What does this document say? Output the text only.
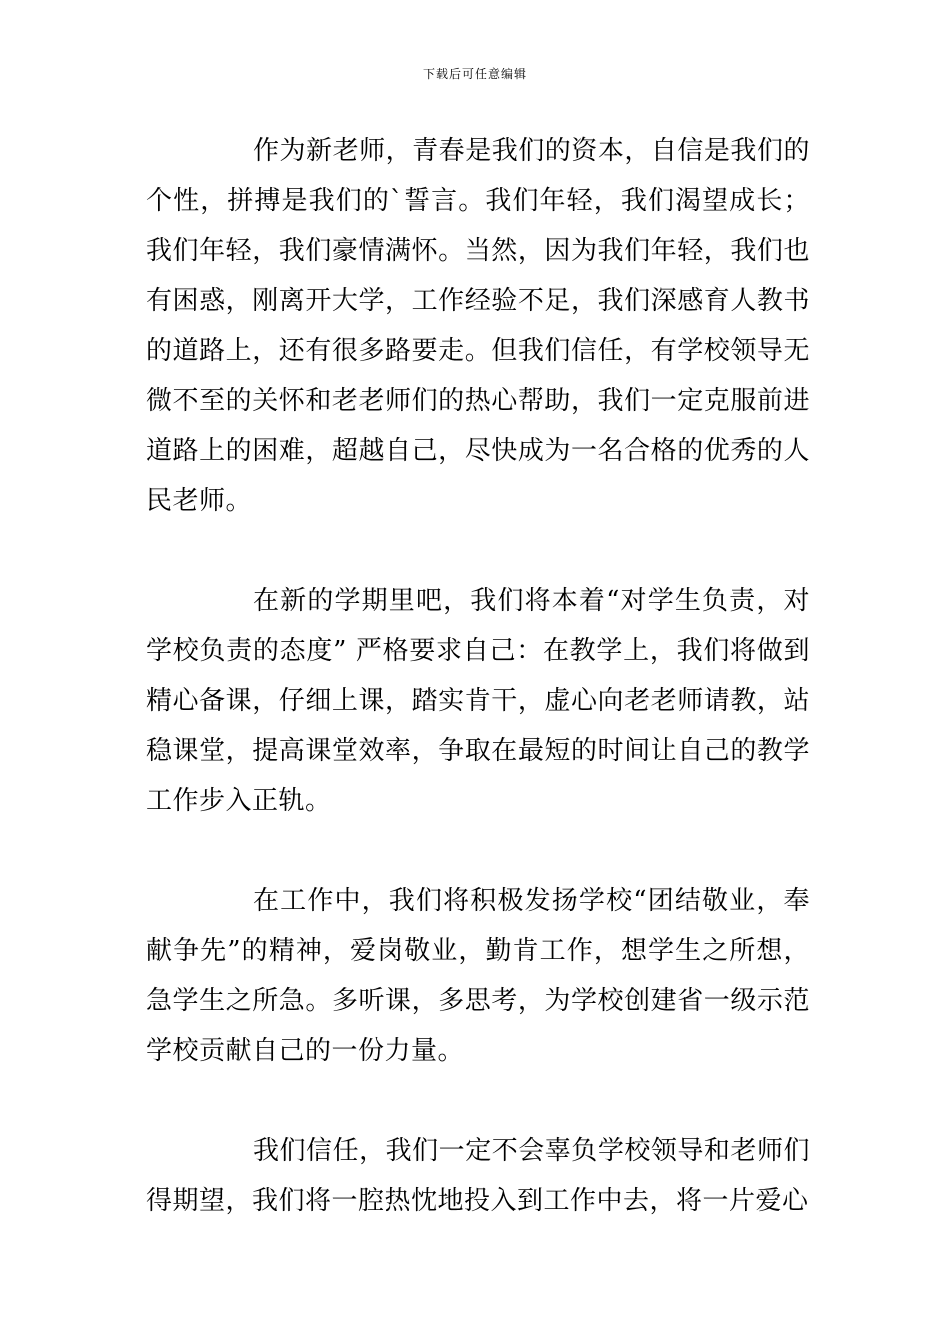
下载后可任意编辑

作为新老师，青春是我们的资本，自信是我们的个性，拼搏是我们的`誓言。我们年轻，我们渴望成长；我们年轻，我们豪情满怀。当然，因为我们年轻，我们也有困惑，刚离开大学，工作经验不足，我们深感育人教书的道路上，还有很多路要走。但我们信任，有学校领导无微不至的关怀和老老师们的热心帮助，我们一定克服前进道路上的困难，超越自己，尽快成为一名合格的优秀的人民老师。

在新的学期里吧，我们将本着“对学生负责，对学校负责的态度” 严格要求自己：在教学上，我们将做到精心备课，仔细上课，踏实肯干，虚心向老老师请教，站稳课堂，提高课堂效率，争取在最短的时间让自己的教学工作步入正轨。

在工作中，我们将积极发扬学校“团结敬业，奉献争先”的精神，爱岗敬业，勤肯工作，想学生之所想，急学生之所急。多听课，多思考，为学校创建省一级示范学校贡献自己的一份力量。

我们信任，我们一定不会辜负学校领导和老师们得期望，我们将一腔热忱地投入到工作中去，将一片爱心
